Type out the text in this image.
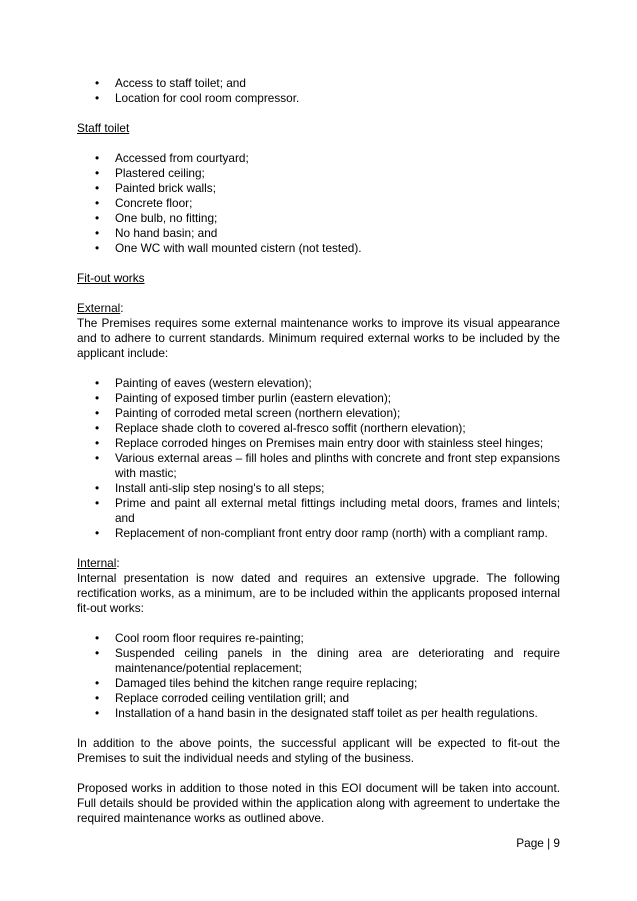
• Access to staff toilet; and
• Location for cool room compressor.

Staff toilet

• Accessed from courtyard;
• Plastered ceiling;
• Painted brick walls;
• Concrete floor;
• One bulb, no fitting;
• No hand basin; and
• One WC with wall mounted cistern (not tested).

Fit-out works

External:

The Premises requires some external maintenance works to improve its visual appearance and to adhere to current standards. Minimum required external works to be included by the applicant include:

• Painting of eaves (western elevation);
• Painting of exposed timber purlin (eastern elevation);
• Painting of corroded metal screen (northern elevation);
• Replace shade cloth to covered al-fresco soffit (northern elevation);
• Replace corroded hinges on Premises main entry door with stainless steel hinges;
• Various external areas – fill holes and plinths with concrete and front step expansions with mastic;
• Install anti-slip step nosing's to all steps;
• Prime and paint all external metal fittings including metal doors, frames and lintels; and
• Replacement of non-compliant front entry door ramp (north) with a compliant ramp.

Internal:

Internal presentation is now dated and requires an extensive upgrade. The following rectification works, as a minimum, are to be included within the applicants proposed internal fit-out works:

• Cool room floor requires re-painting;
• Suspended ceiling panels in the dining area are deteriorating and require maintenance/potential replacement;
• Damaged tiles behind the kitchen range require replacing;
• Replace corroded ceiling ventilation grill; and
• Installation of a hand basin in the designated staff toilet as per health regulations.

In addition to the above points, the successful applicant will be expected to fit-out the Premises to suit the individual needs and styling of the business.

Proposed works in addition to those noted in this EOI document will be taken into account. Full details should be provided within the application along with agreement to undertake the required maintenance works as outlined above.

Page | 9
